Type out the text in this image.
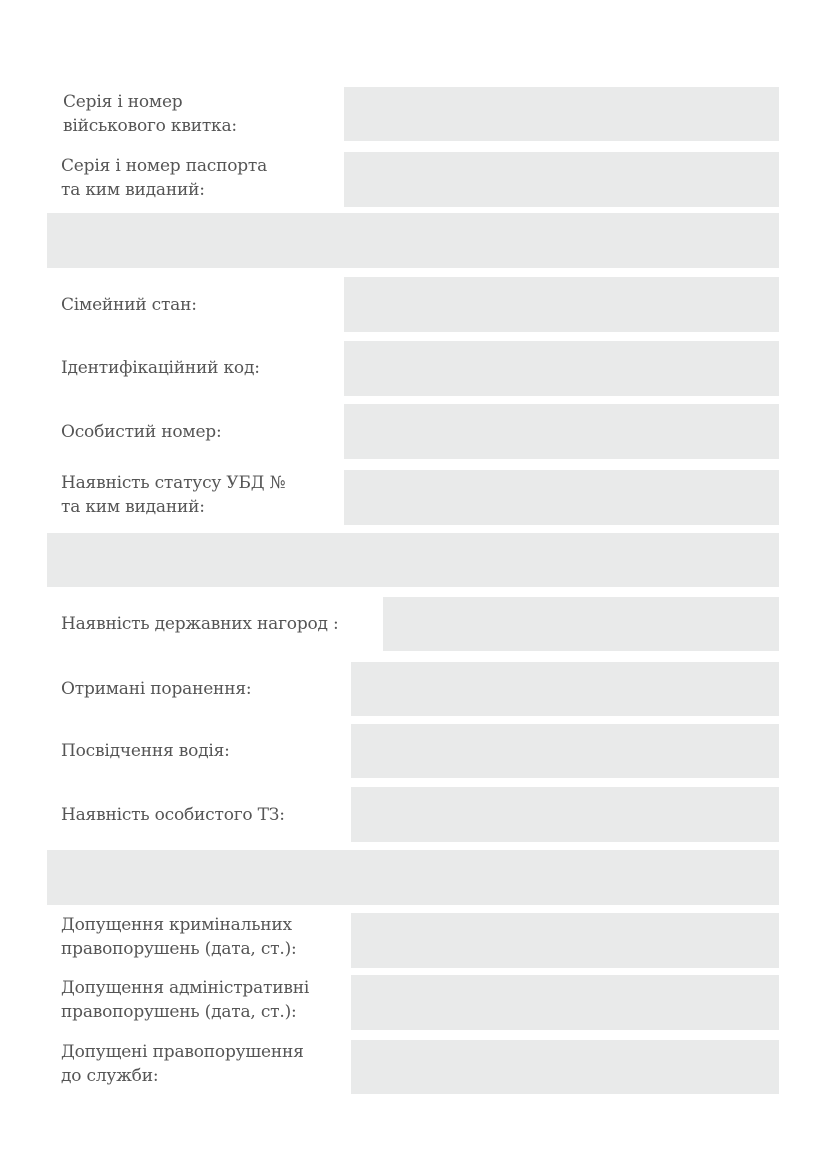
Серія і номер
військового квитка:
Серія і номер паспорта
та ким виданий:
Сімейний стан:
Ідентифікаційний код:
Особистий номер:
Наявність статусу УБД №
та ким виданий:
Наявність державних нагород :
Отримані поранення:
Посвідчення водія:
Наявність особистого ТЗ:
Допущення кримінальних
правопорушень (дата, ст.):
Допущення адміністративні
правопорушень (дата, ст.):
Допущені правопорушення
до служби:
